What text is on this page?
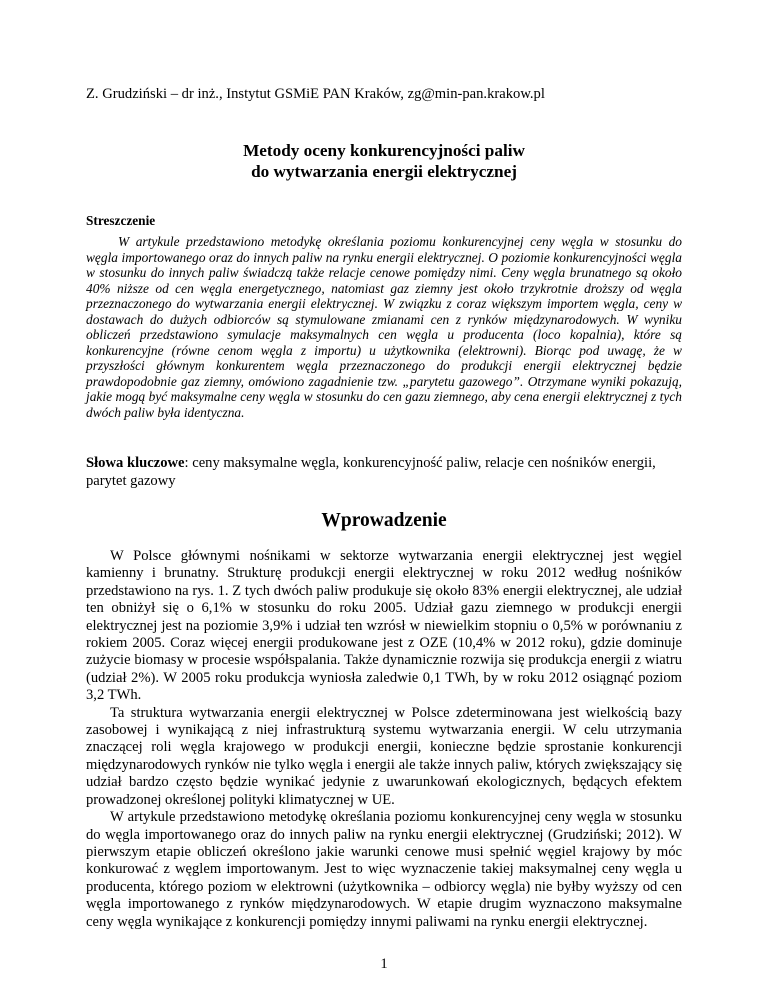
Z. Grudziński – dr inż., Instytut GSMiE PAN Kraków, zg@min-pan.krakow.pl
Metody oceny konkurencyjności paliw
do wytwarzania energii elektrycznej
Streszczenie

W artykule przedstawiono metodykę określania poziomu konkurencyjnej ceny węgla w stosunku do węgla importowanego oraz do innych paliw na rynku energii elektrycznej. O poziomie konkurencyjności węgla w stosunku do innych paliw świadczą także relacje cenowe pomiędzy nimi. Ceny węgla brunatnego są około 40% niższe od cen węgla energetycznego, natomiast gaz ziemny jest około trzykrotnie droższy od węgla przeznaczonego do wytwarzania energii elektrycznej. W związku z coraz większym importem węgla, ceny w dostawach do dużych odbiorców są stymulowane zmianami cen z rynków międzynarodowych. W wyniku obliczeń przedstawiono symulacje maksymalnych cen węgla u producenta (loco kopalnia), które są konkurencyjne (równe cenom węgla z importu) u użytkownika (elektrowni). Biorąc pod uwagę, że w przyszłości głównym konkurentem węgla przeznaczonego do produkcji energii elektrycznej będzie prawdopodobnie gaz ziemny, omówiono zagadnienie tzw. „parytetu gazowego”. Otrzymane wyniki pokazują, jakie mogą być maksymalne ceny węgla w stosunku do cen gazu ziemnego, aby cena energii elektrycznej z tych dwóch paliw była identyczna.

Słowa kluczowe: ceny maksymalne węgla, konkurencyjność paliw, relacje cen nośników energii, parytet gazowy

Wprowadzenie

W Polsce głównymi nośnikami w sektorze wytwarzania energii elektrycznej jest węgiel kamienny i brunatny. Strukturę produkcji energii elektrycznej w roku 2012 według nośników przedstawiono na rys. 1. Z tych dwóch paliw produkuje się około 83% energii elektrycznej, ale udział ten obniżył się o 6,1% w stosunku do roku 2005. Udział gazu ziemnego w produkcji energii elektrycznej jest na poziomie 3,9% i udział ten wzrósł w niewielkim stopniu o 0,5% w porównaniu z rokiem 2005. Coraz więcej energii produkowane jest z OZE (10,4% w 2012 roku), gdzie dominuje zużycie biomasy w procesie współspalania. Także dynamicznie rozwija się produkcja energii z wiatru (udział 2%). W 2005 roku produkcja wyniosła zaledwie 0,1 TWh, by w roku 2012 osiągnąć poziom 3,2 TWh.

Ta struktura wytwarzania energii elektrycznej w Polsce zdeterminowana jest wielkością bazy zasobowej i wynikającą z niej infrastrukturą systemu wytwarzania energii. W celu utrzymania znaczącej roli węgla krajowego w produkcji energii, konieczne będzie sprostanie konkurencji międzynarodowych rynków nie tylko węgla i energii ale także innych paliw, których zwiększający się udział bardzo często będzie wynikać jedynie z uwarunkowań ekologicznych, będących efektem prowadzonej określonej polityki klimatycznej w UE.

W artykule przedstawiono metodykę określania poziomu konkurencyjnej ceny węgla w stosunku do węgla importowanego oraz do innych paliw na rynku energii elektrycznej (Grudziński; 2012). W pierwszym etapie obliczeń określono jakie warunki cenowe musi spełnić węgiel krajowy by móc konkurować z węglem importowanym. Jest to więc wyznaczenie takiej maksymalnej ceny węgla u producenta, którego poziom w elektrowni (użytkownika – odbiorcy węgla) nie byłby wyższy od cen węgla importowanego z rynków międzynarodowych. W etapie drugim wyznaczono maksymalne ceny węgla wynikające z konkurencji pomiędzy innymi paliwami na rynku energii elektrycznej.

1
